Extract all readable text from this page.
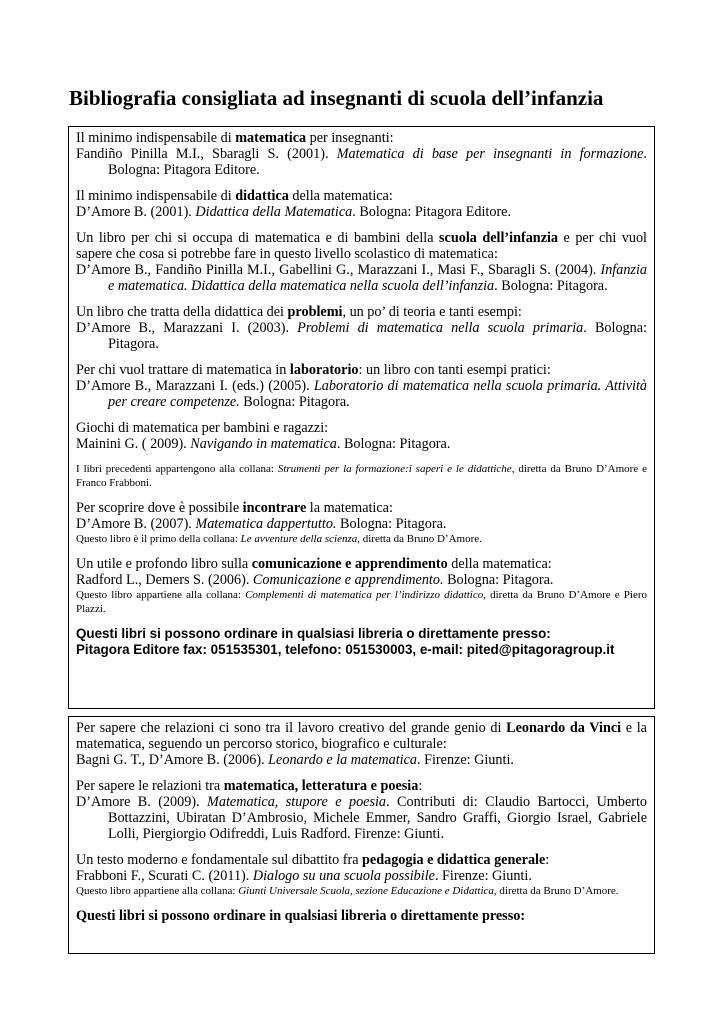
Bibliografia consigliata ad insegnanti di scuola dell’infanzia
Il minimo indispensabile di matematica per insegnanti:
Fandiño Pinilla M.I., Sbaragli S. (2001). Matematica di base per insegnanti in formazione. Bologna: Pitagora Editore.
Il minimo indispensabile di didattica della matematica:
D’Amore B. (2001). Didattica della Matematica. Bologna: Pitagora Editore.
Un libro per chi si occupa di matematica e di bambini della scuola dell’infanzia e per chi vuol sapere che cosa si potrebbe fare in questo livello scolastico di matematica:
D’Amore B., Fandiño Pinilla M.I., Gabellini G., Marazzani I., Masi F., Sbaragli S. (2004). Infanzia e matematica. Didattica della matematica nella scuola dell’infanzia. Bologna: Pitagora.
Un libro che tratta della didattica dei problemi, un po’ di teoria e tanti esempi:
D’Amore B., Marazzani I. (2003). Problemi di matematica nella scuola primaria. Bologna: Pitagora.
Per chi vuol trattare di matematica in laboratorio: un libro con tanti esempi pratici:
D’Amore B., Marazzani I. (eds.) (2005). Laboratorio di matematica nella scuola primaria. Attività per creare competenze. Bologna: Pitagora.
Giochi di matematica per bambini e ragazzi:
Mainini G. ( 2009). Navigando in matematica. Bologna: Pitagora.
I libri precedenti appartengono alla collana: Strumenti per la formazione:i saperi e le didattiche, diretta da Bruno D’Amore e Franco Frabboni.
Per scoprire dove è possibile incontrare la matematica:
D’Amore B. (2007). Matematica dappertutto. Bologna: Pitagora.
Questo libro è il primo della collana: Le avventure della scienza, diretta da Bruno D’Amore.
Un utile e profondo libro sulla comunicazione e apprendimento della matematica:
Radford L., Demers S. (2006). Comunicazione e apprendimento. Bologna: Pitagora.
Questo libro appartiene alla collana: Complementi di matematica per l’indirizzo didattico, diretta da Bruno D’Amore e Piero Plazzi.
Questi libri si possono ordinare in qualsiasi libreria o direttamente presso:
Pitagora Editore fax: 051535301, telefono: 051530003, e-mail: pited@pitagoragroup.it
Per sapere che relazioni ci sono tra il lavoro creativo del grande genio di Leonardo da Vinci e la matematica, seguendo un percorso storico, biografico e culturale:
Bagni G. T., D’Amore B. (2006). Leonardo e la matematica. Firenze: Giunti.
Per sapere le relazioni tra matematica, letteratura e poesia:
D’Amore B. (2009). Matematica, stupore e poesia. Contributi di: Claudio Bartocci, Umberto Bottazzini, Ubiratan D’Ambrosio, Michele Emmer, Sandro Graffi, Giorgio Israel, Gabriele Lolli, Piergiorgio Odifreddi, Luis Radford. Firenze: Giunti.
Un testo moderno e fondamentale sul dibattito fra pedagogia e didattica generale:
Frabboni F., Scurati C. (2011). Dialogo su una scuola possibile. Firenze: Giunti.
Questo libro appartiene alla collana: Giunti Universale Scuola, sezione Educazione e Didattica, diretta da Bruno D’Amore.
Questi libri si possono ordinare in qualsiasi libreria o direttamente presso:
